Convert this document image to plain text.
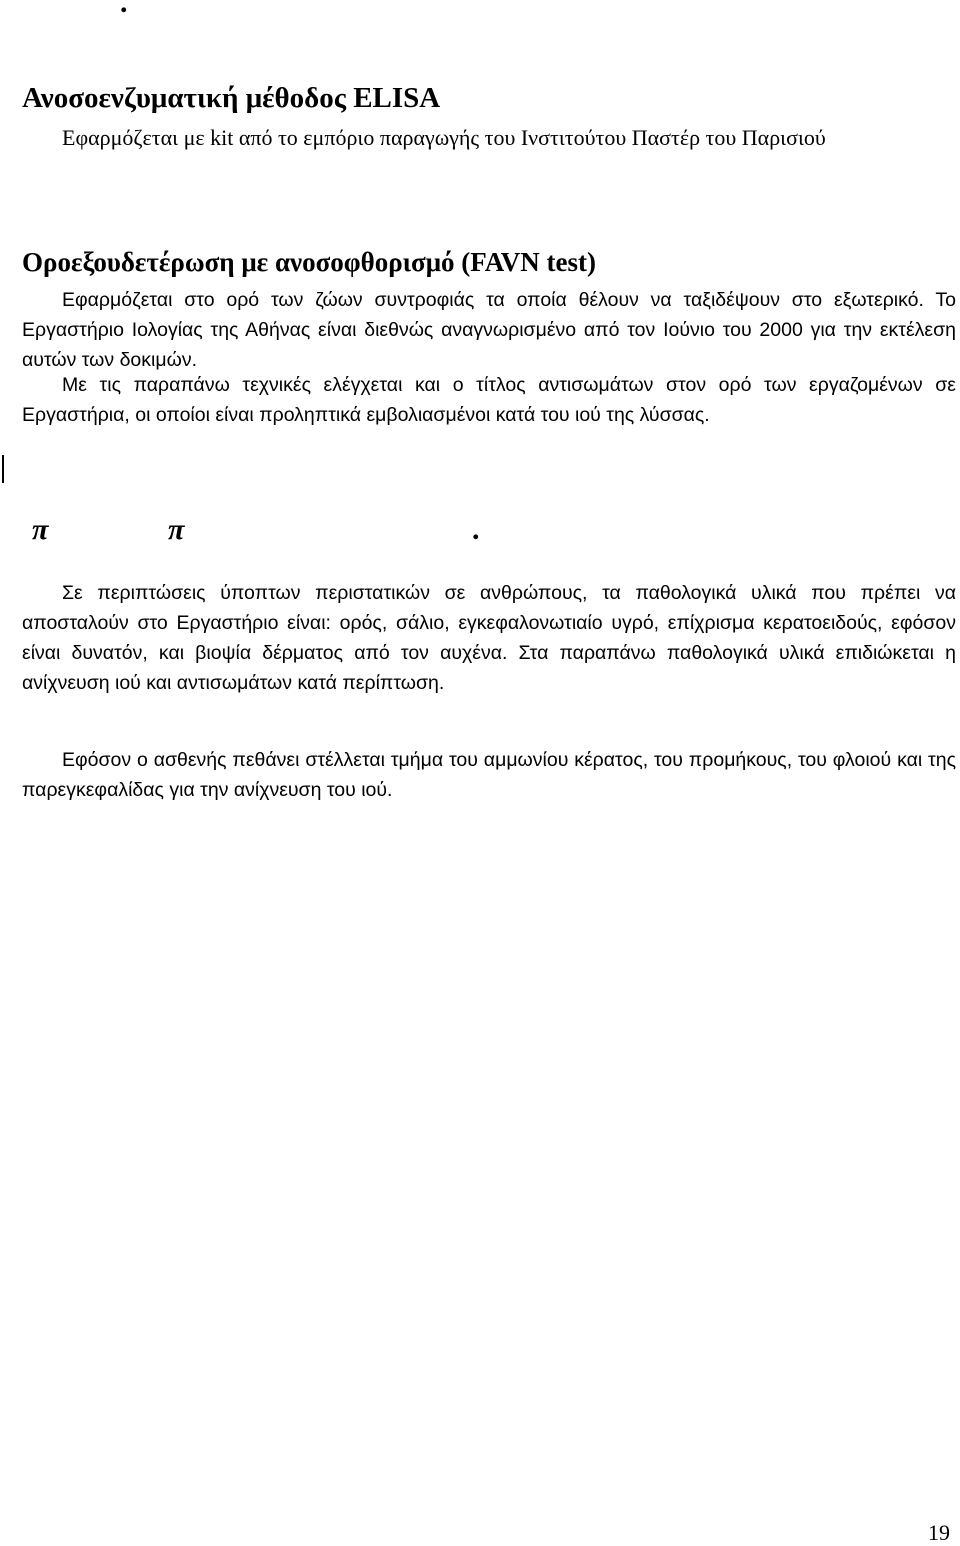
.
Ανοσοενζυματική μέθοδος ELISA

Εφαρμόζεται με kit από το εμπόριο παραγωγής του Ινστιτούτου Παστέρ του Παρισιού

Οροεξουδετέρωση με ανοσοφθορισμό (FAVN test)

Εφαρμόζεται στο ορό των ζώων συντροφιάς τα οποία θέλουν να ταξιδέψουν στο εξωτερικό. Το Εργαστήριο Ιολογίας της Αθήνας είναι διεθνώς αναγνωρισμένο από τον Ιούνιο του 2000 για την εκτέλεση αυτών των δοκιμών.

Με τις παραπάνω τεχνικές ελέγχεται και ο τίτλος αντισωμάτων στον ορό των εργαζομένων σε Εργαστήρια, οι οποίοι είναι προληπτικά εμβολιασμένοι κατά του ιού της λύσσας.

π	π	.

Σε περιπτώσεις ύποπτων περιστατικών σε ανθρώπους, τα παθολογικά υλικά που πρέπει να αποσταλούν στο Εργαστήριο είναι: ορός, σάλιο, εγκεφαλονωτιαίο υγρό, επίχρισμα κερατοειδούς, εφόσον είναι δυνατόν, και βιοψία δέρματος από τον αυχένα. Στα παραπάνω παθολογικά υλικά επιδιώκεται η ανίχνευση ιού και αντισωμάτων κατά περίπτωση.

Εφόσον ο ασθενής πεθάνει στέλλεται τμήμα του αμμωνίου κέρατος, του προμήκους, του φλοιού και της παρεγκεφαλίδας για την ανίχνευση του ιού.

19
